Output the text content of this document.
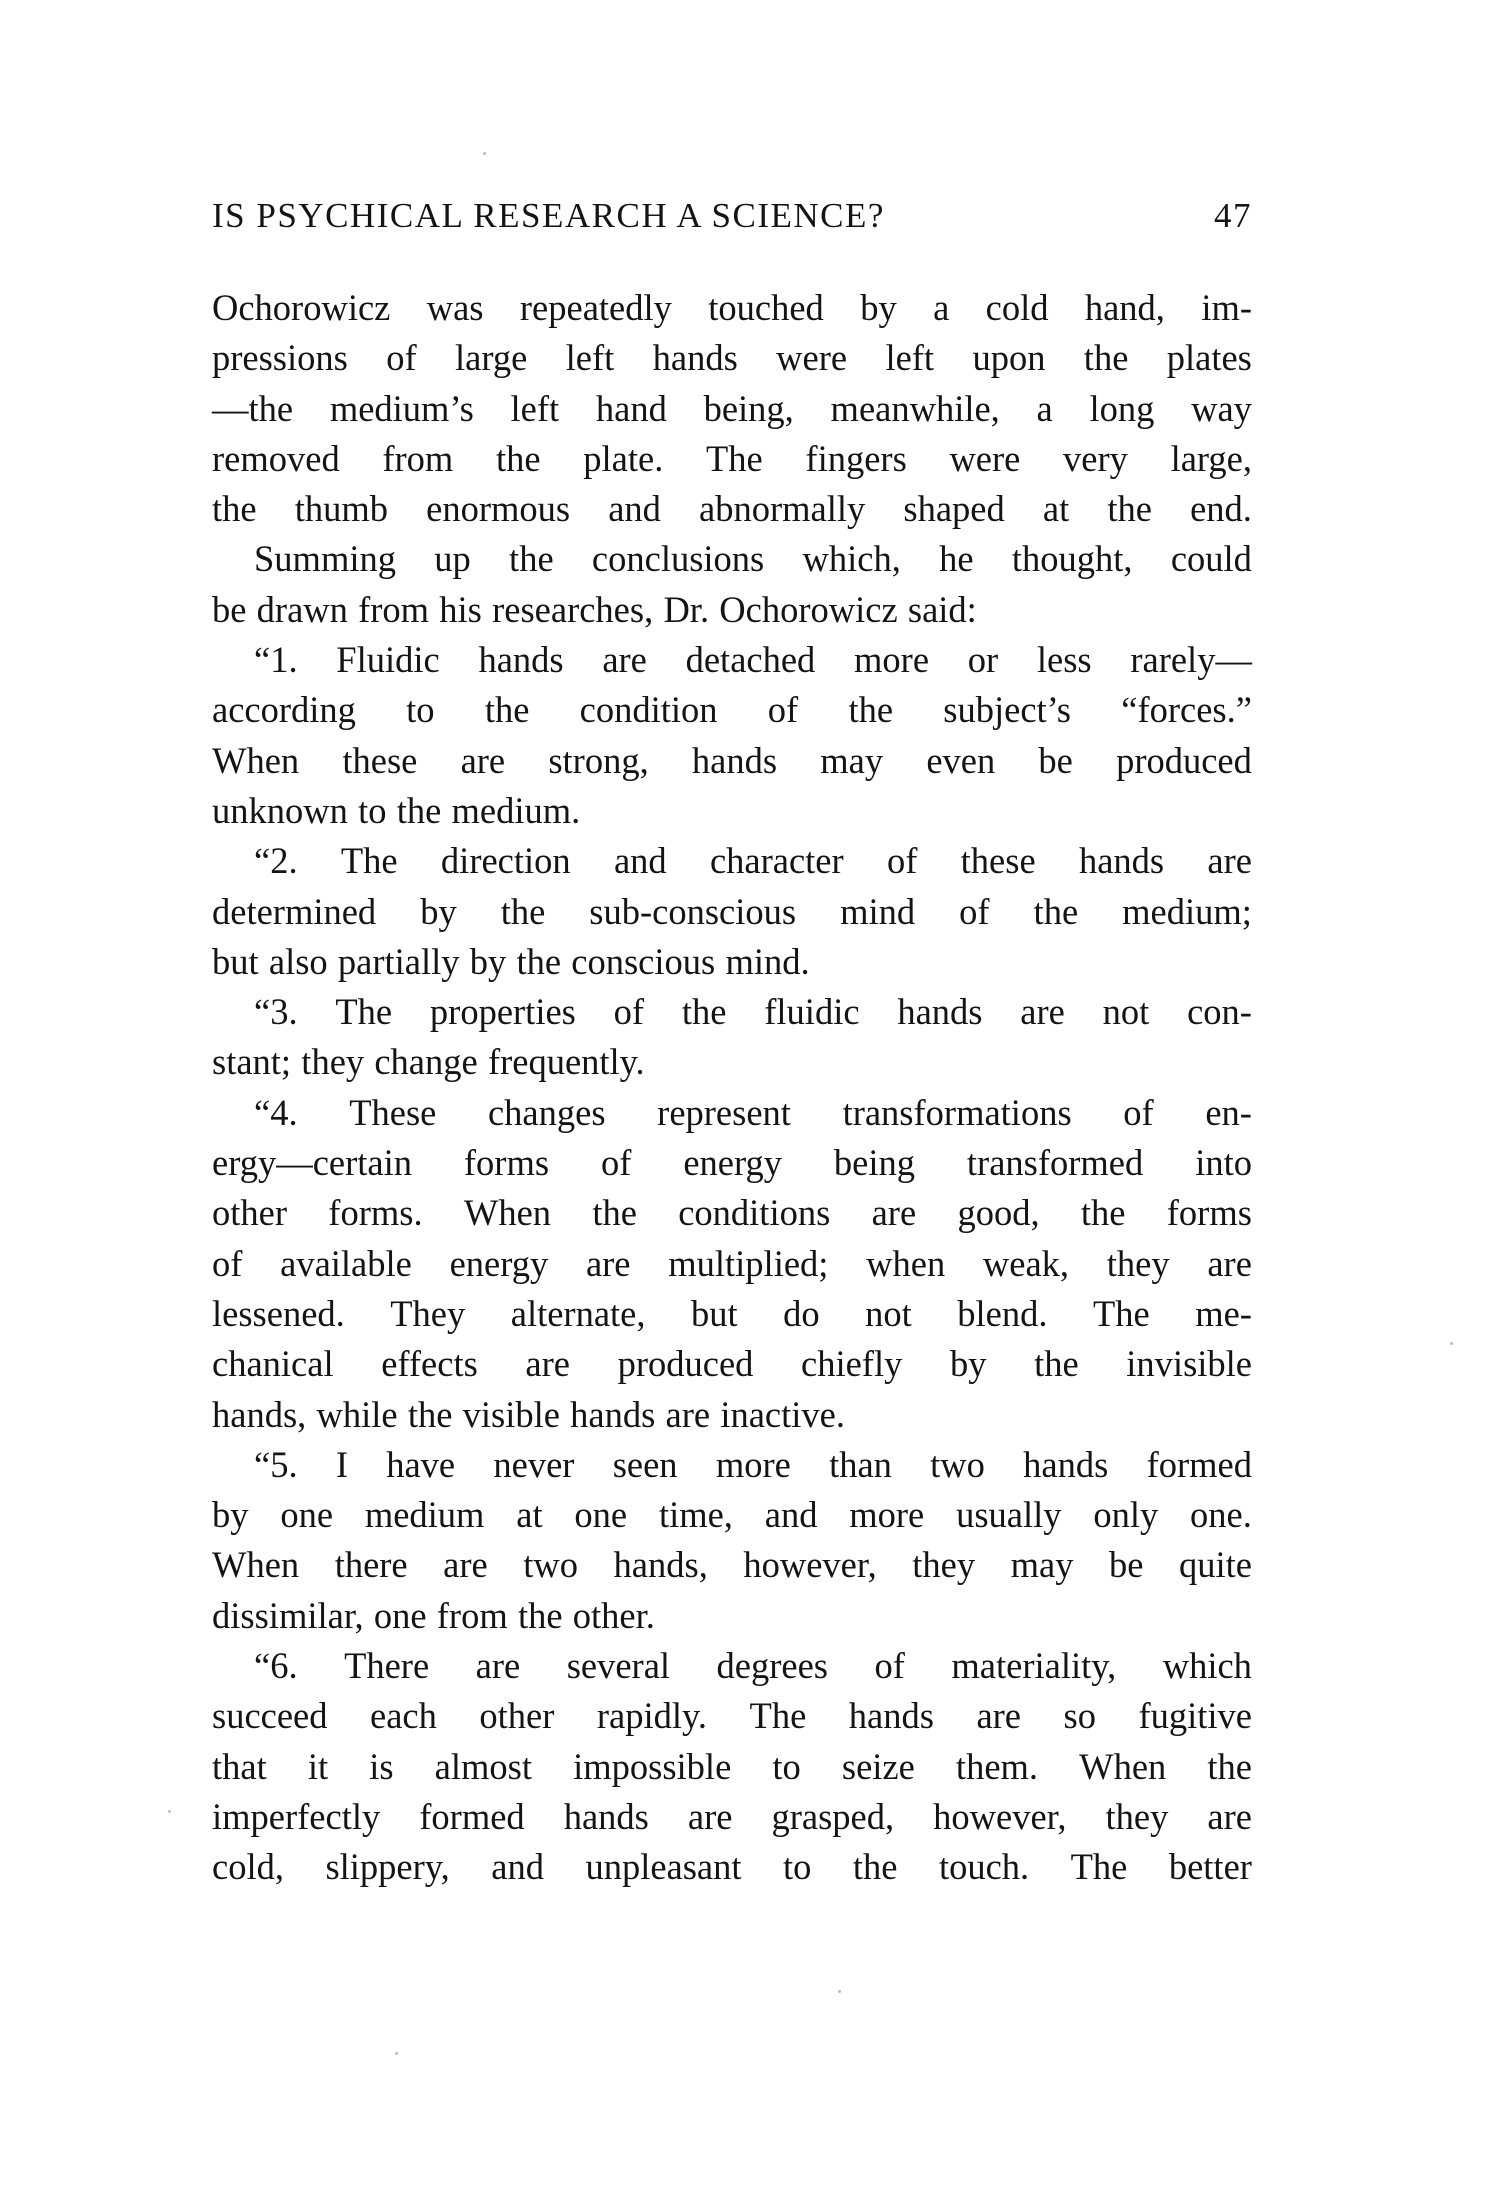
IS PSYCHICAL RESEARCH A SCIENCE?	47
Ochorowicz was repeatedly touched by a cold hand, im-
pressions of large left hands were left upon the plates
—the medium’s left hand being, meanwhile, a long way
removed from the plate. The fingers were very large,
the thumb enormous and abnormally shaped at the end.
Summing up the conclusions which, he thought, could
be drawn from his researches, Dr. Ochorowicz said:
“1. Fluidic hands are detached more or less rarely—
according to the condition of the subject’s “forces.”
When these are strong, hands may even be produced
unknown to the medium.
“2. The direction and character of these hands are
determined by the sub-conscious mind of the medium;
but also partially by the conscious mind.
“3. The properties of the fluidic hands are not con-
stant; they change frequently.
“4. These changes represent transformations of en-
ergy—certain forms of energy being transformed into
other forms. When the conditions are good, the forms
of available energy are multiplied; when weak, they are
lessened. They alternate, but do not blend. The me-
chanical effects are produced chiefly by the invisible
hands, while the visible hands are inactive.
“5. I have never seen more than two hands formed
by one medium at one time, and more usually only one.
When there are two hands, however, they may be quite
dissimilar, one from the other.
“6. There are several degrees of materiality, which
succeed each other rapidly. The hands are so fugitive
that it is almost impossible to seize them. When the
imperfectly formed hands are grasped, however, they are
cold, slippery, and unpleasant to the touch. The better
